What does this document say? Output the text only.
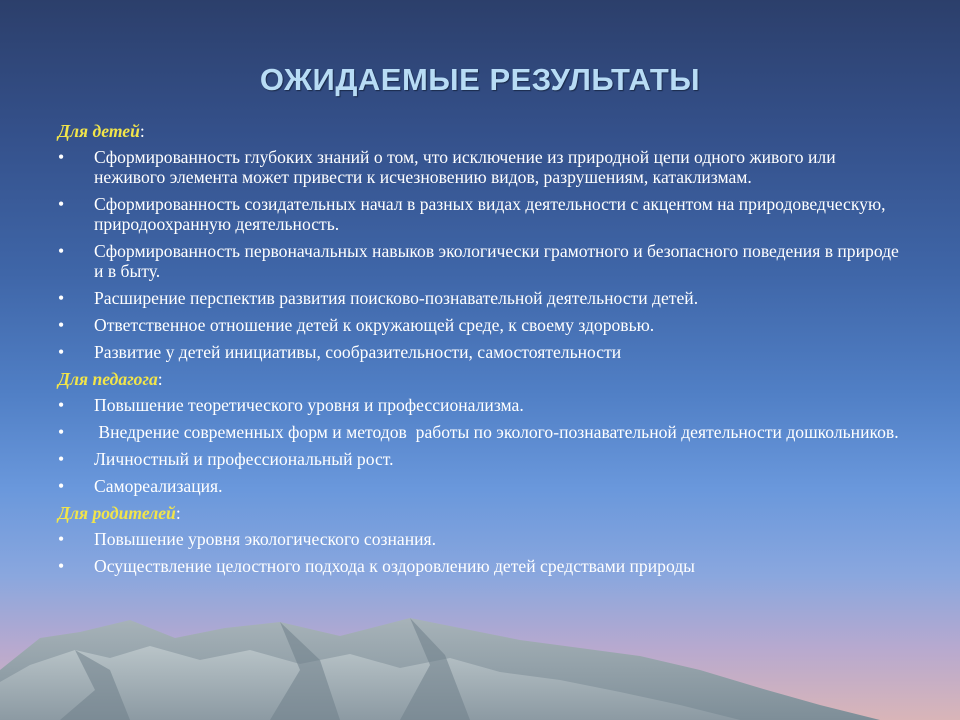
ОЖИДАЕМЫЕ РЕЗУЛЬТАТЫ
Для детей:
• Сформированность глубоких знаний о том, что исключение из природной цепи одного живого или неживого элемента может привести к исчезновению видов, разрушениям, катаклизмам.
• Сформированность созидательных начал в разных видах деятельности с акцентом на природоведческую, природоохранную деятельность.
• Сформированность первоначальных навыков экологически грамотного и безопасного поведения в природе и в быту.
• Расширение перспектив развития поисково-познавательной деятельности детей.
• Ответственное отношение детей к окружающей среде, к своему здоровью.
• Развитие у детей инициативы, сообразительности, самостоятельности
Для педагога:
• Повышение теоретического уровня и профессионализма.
• Внедрение современных форм и методов  работы по эколого-познавательной деятельности дошкольников.
• Личностный и профессиональный рост.
• Самореализация.
Для родителей:
• Повышение уровня экологического сознания.
• Осуществление целостного подхода к оздоровлению детей средствами природы
